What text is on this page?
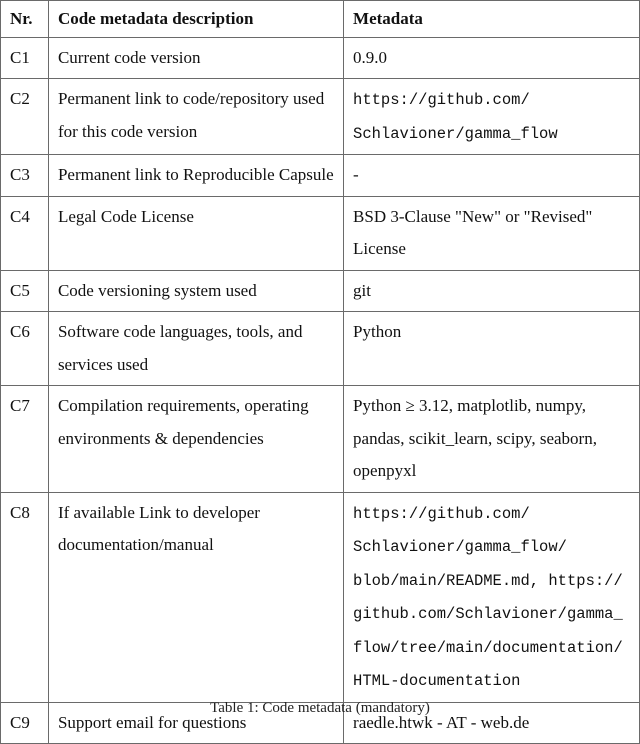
Nr.	Code metadata description	Metadata
C1	Current code version	0.9.0
C2	Permanent link to code/repository used for this code version	https://github.com/ Schlavioner/gamma_flow
C3	Permanent link to Reproducible Capsule	-
C4	Legal Code License	BSD 3-Clause "New" or "Revised" License
C5	Code versioning system used	git
C6	Software code languages, tools, and services used	Python
C7	Compilation requirements, operating environments & dependencies	Python ≥ 3.12, matplotlib, numpy, pandas, scikit_learn, scipy, seaborn, openpyxl
C8	If available Link to developer documentation/manual	https://github.com/ Schlavioner/gamma_flow/ blob/main/README.md, https:// github.com/Schlavioner/gamma_ flow/tree/main/documentation/ HTML-documentation
C9	Support email for questions	raedle.htwk - AT - web.de
Table 1: Code metadata (mandatory)
